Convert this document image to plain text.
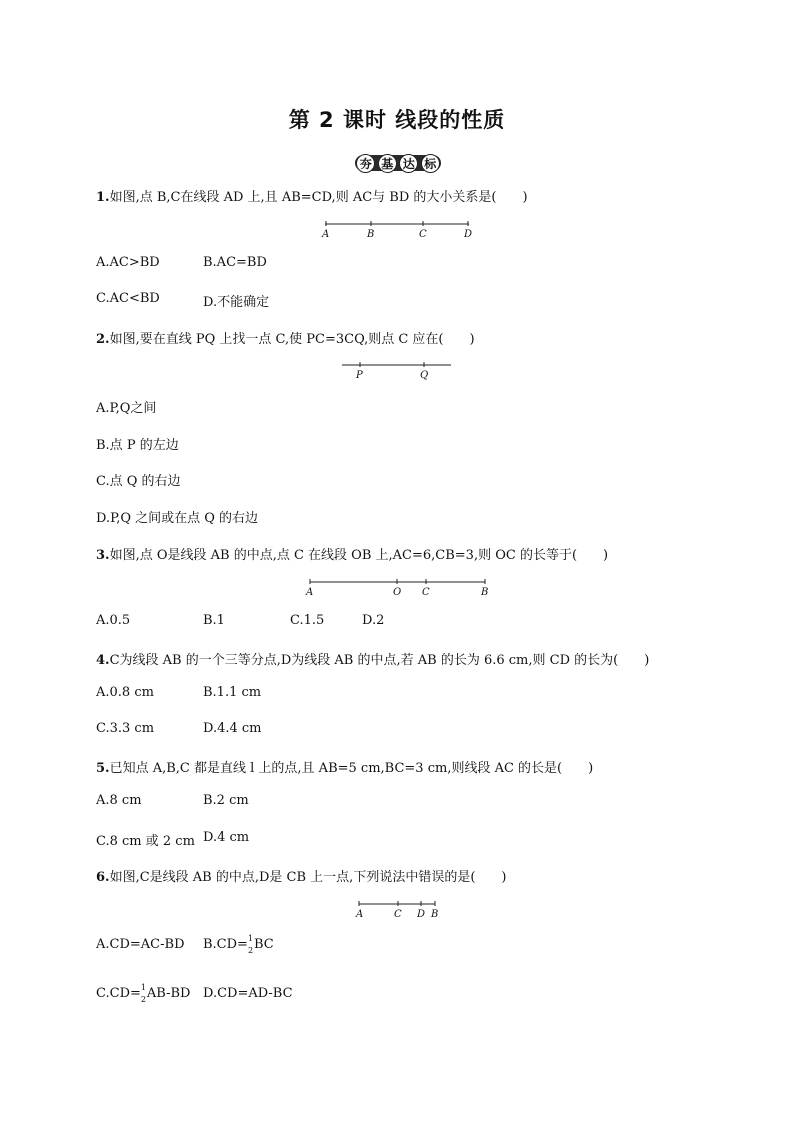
第 2 课时 线段的性质
夯 基 达 标
1.如图,点 B,C在线段 AD 上,且 AB=CD,则 AC与 BD 的大小关系是(　　)
A	B	C	D
A.AC>BD	B.AC=BD
C.AC<BD	D.不能确定
2.如图,要在直线 PQ 上找一点 C,使 PC=3CQ,则点 C 应在(　　)
P	Q
A.P,Q之间
B.点 P 的左边
C.点 Q 的右边
D.P,Q 之间或在点 Q 的右边
3.如图,点 O是线段 AB 的中点,点 C 在线段 OB 上,AC=6,CB=3,则 OC 的长等于(　　)
A	O C	B
A.0.5	B.1	C.1.5	D.2
4.C为线段 AB 的一个三等分点,D为线段 AB 的中点,若 AB 的长为 6.6 cm,则 CD 的长为(　　)
A.0.8 cm	B.1.1 cm
C.3.3 cm	D.4.4 cm
5.已知点 A,B,C 都是直线 l 上的点,且 AB=5 cm,BC=3 cm,则线段 AC 的长是(　　)
A.8 cm	B.2 cm
C.8 cm 或 2 cm D.4 cm
6.如图,C是线段 AB 的中点,D是 CB 上一点,下列说法中错误的是(　　)
A	C D B
A.CD=AC-BD B.CD= 1
2 BC
C.CD= 1
2 AB-BD D.CD=AD-BC
